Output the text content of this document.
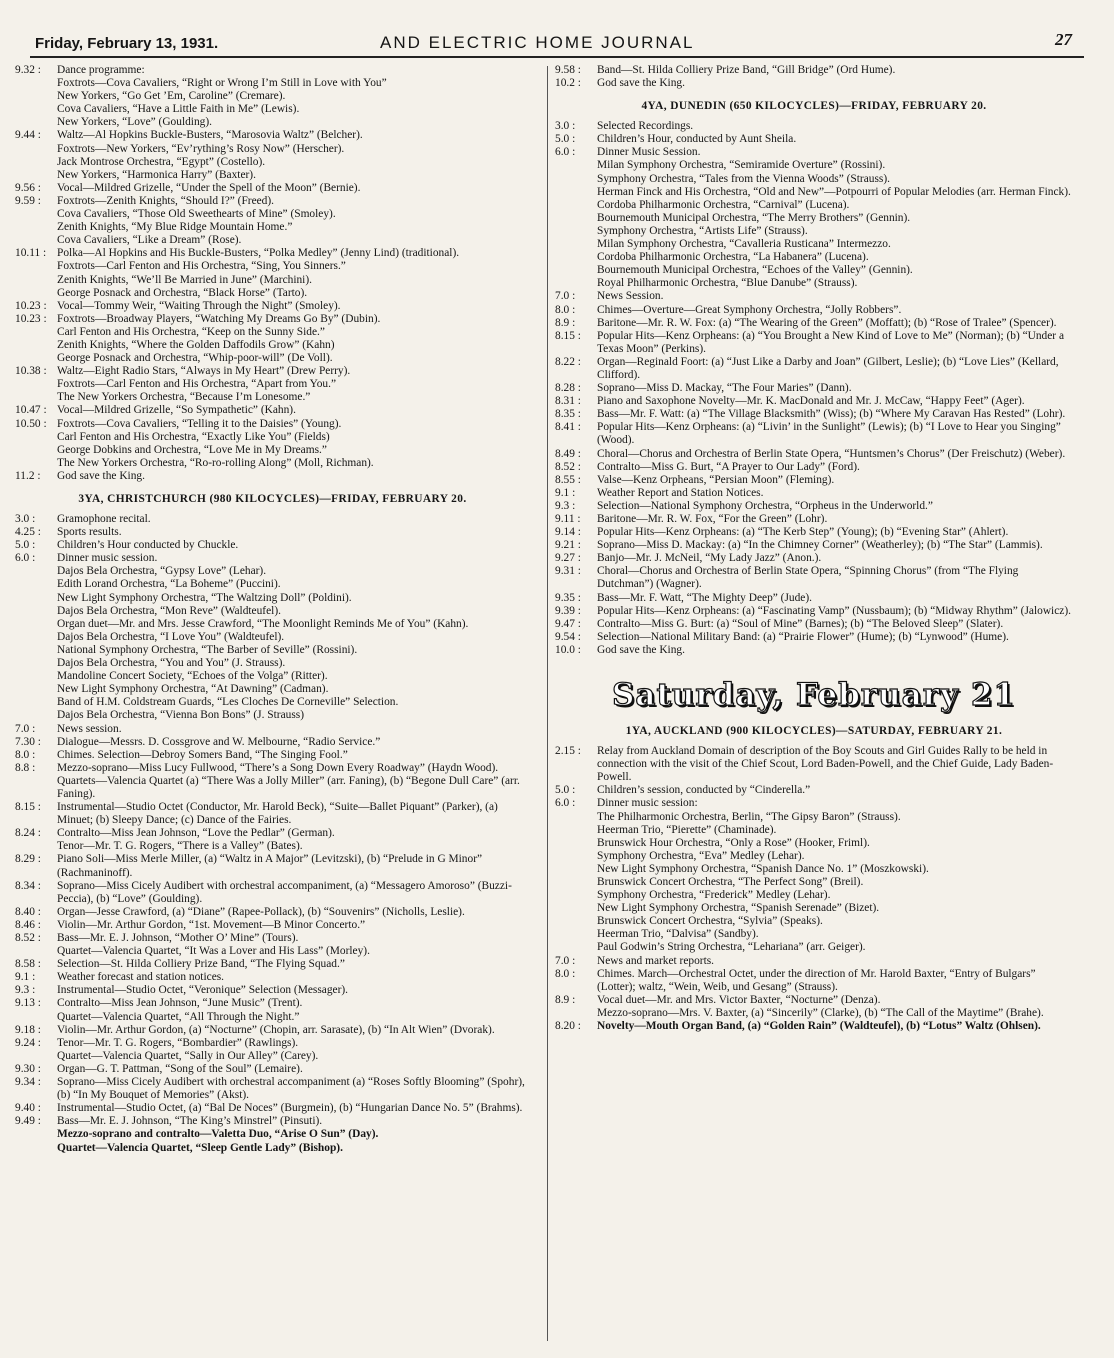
Friday, February 13, 1931.	AND ELECTRIC HOME JOURNAL	27
9.32 :	Dance programme:
Foxtrots—Cova Cavaliers, “Right or Wrong I’m Still in Love with You”
New Yorkers, “Go Get ’Em, Caroline” (Cremare).
Cova Cavaliers, “Have a Little Faith in Me” (Lewis).
New Yorkers, “Love” (Goulding).
9.44 :	Waltz—Al Hopkins Buckle-Busters, “Marosovia Waltz” (Belcher).
Foxtrots—New Yorkers, “Ev’rything’s Rosy Now” (Herscher).
Jack Montrose Orchestra, “Egypt” (Costello).
New Yorkers, “Harmonica Harry” (Baxter).
9.56 :	Vocal—Mildred Grizelle, “Under the Spell of the Moon” (Bernie).
9.59 :	Foxtrots—Zenith Knights, “Should I?” (Freed).
Cova Cavaliers, “Those Old Sweethearts of Mine” (Smoley).
Zenith Knights, “My Blue Ridge Mountain Home.”
Cova Cavaliers, “Like a Dream” (Rose).
10.11 : Polka—Al Hopkins and His Buckle-Busters, “Polka Medley” (Jenny Lind) (traditional).
Foxtrots—Carl Fenton and His Orchestra, “Sing, You Sinners.”
Zenith Knights, “We’ll Be Married in June” (Marchini).
George Posnack and Orchestra, “Black Horse” (Tarto).
10.23 : Vocal—Tommy Weir, “Waiting Through the Night” (Smoley).
10.23 : Foxtrots—Broadway Players, “Watching My Dreams Go By” (Dubin).
Carl Fenton and His Orchestra, “Keep on the Sunny Side.”
Zenith Knights, “Where the Golden Daffodils Grow” (Kahn)
George Posnack and Orchestra, “Whip-poor-will” (De Voll).
10.38 : Waltz—Eight Radio Stars, “Always in My Heart” (Drew Perry).
Foxtrots—Carl Fenton and His Orchestra, “Apart from You.”
The New Yorkers Orchestra, “Because I’m Lonesome.”
10.47 : Vocal—Mildred Grizelle, “So Sympathetic” (Kahn).
10.50 : Foxtrots—Cova Cavaliers, “Telling it to the Daisies” (Young).
Carl Fenton and His Orchestra, “Exactly Like You” (Fields)
George Dobkins and Orchestra, “Love Me in My Dreams.”
The New Yorkers Orchestra, “Ro-ro-rolling Along” (Moll, Richman).
11.2 :	God save the King.
3YA, CHRISTCHURCH (980 KILOCYCLES)—FRIDAY, FEBRUARY 20.
3.0 :	Gramophone recital.
4.25 :	Sports results.
5.0 :	Children’s Hour conducted by Chuckle.
6.0 :	Dinner music session.
Dajos Bela Orchestra, “Gypsy Love” (Lehar).
Edith Lorand Orchestra, “La Boheme” (Puccini).
New Light Symphony Orchestra, “The Waltzing Doll” (Poldini).
Dajos Bela Orchestra, “Mon Reve” (Waldteufel).
Organ duet—Mr. and Mrs. Jesse Crawford, “The Moonlight Reminds Me of You” (Kahn).
Dajos Bela Orchestra, “I Love You” (Waldteufel).
National Symphony Orchestra, “The Barber of Seville” (Rossini).
Dajos Bela Orchestra, “You and You” (J. Strauss).
Mandoline Concert Society, “Echoes of the Volga” (Ritter).
New Light Symphony Orchestra, “At Dawning” (Cadman).
Band of H.M. Coldstream Guards, “Les Cloches De Corneville” Selection.
Dajos Bela Orchestra, “Vienna Bon Bons” (J. Strauss)
7.0 :	News session.
7.30 :	Dialogue—Messrs. D. Cossgrove and W. Melbourne, “Radio Service.”
8.0 :	Chimes. Selection—Debroy Somers Band, “The Singing Fool.”
8.8 :	Mezzo-soprano—Miss Lucy Fullwood, “There’s a Song Down Every Roadway” (Haydn Wood).
Quartets—Valencia Quartet (a) “There Was a Jolly Miller” (arr. Faning), (b) “Begone Dull Care” (arr. Faning).
8.15 :	Instrumental—Studio Octet (Conductor, Mr. Harold Beck), “Suite—Ballet Piquant” (Parker), (a) Minuet; (b) Sleepy Dance; (c) Dance of the Fairies.
8.24 :	Contralto—Miss Jean Johnson, “Love the Pedlar” (German).
Tenor—Mr. T. G. Rogers, “There is a Valley” (Bates).
8.29 :	Piano Soli—Miss Merle Miller, (a) “Waltz in A Major” (Levitzski), (b) “Prelude in G Minor” (Rachmaninoff).
8.34 :	Soprano—Miss Cicely Audibert with orchestral accompaniment, (a) “Messagero Amoroso” (Buzzi-Peccia), (b) “Love” (Goulding).
8.40 :	Organ—Jesse Crawford, (a) “Diane” (Rapee-Pollack), (b) “Souvenirs” (Nicholls, Leslie).
8.46 :	Violin—Mr. Arthur Gordon, “1st. Movement—B Minor Concerto.”
8.52 :	Bass—Mr. E. J. Johnson, “Mother O’ Mine” (Tours).
Quartet—Valencia Quartet, “It Was a Lover and His Lass” (Morley).
8.58 :	Selection—St. Hilda Colliery Prize Band, “The Flying Squad.”
9.1 :	Weather forecast and station notices.
9.3 :	Instrumental—Studio Octet, “Veronique” Selection (Messager).
9.13 :	Contralto—Miss Jean Johnson, “June Music” (Trent).
Quartet—Valencia Quartet, “All Through the Night.”
9.18 :	Violin—Mr. Arthur Gordon, (a) “Nocturne” (Chopin, arr. Sarasate), (b) “In Alt Wien” (Dvorak).
9.24 :	Tenor—Mr. T. G. Rogers, “Bombardier” (Rawlings).
Quartet—Valencia Quartet, “Sally in Our Alley” (Carey).
9.30 :	Organ—G. T. Pattman, “Song of the Soul” (Lemaire).
9.34 :	Soprano—Miss Cicely Audibert with orchestral accompaniment (a) “Roses Softly Blooming” (Spohr), (b) “In My Bouquet of Memories” (Akst).
9.40 :	Instrumental—Studio Octet, (a) “Bal De Noces” (Burgmein), (b) “Hungarian Dance No. 5” (Brahms).
9.49 :	Bass—Mr. E. J. Johnson, “The King’s Minstrel” (Pinsuti).
Mezzo-soprano and contralto—Valetta Duo, “Arise O Sun” (Day).
Quartet—Valencia Quartet, “Sleep Gentle Lady” (Bishop).
9.58 :	Band—St. Hilda Colliery Prize Band, “Gill Bridge” (Ord Hume).
10.2 :	God save the King.
4YA, DUNEDIN (650 KILOCYCLES)—FRIDAY, FEBRUARY 20.
3.0 :	Selected Recordings.
5.0 :	Children’s Hour, conducted by Aunt Sheila.
6.0 :	Dinner Music Session.
Milan Symphony Orchestra, “Semiramide Overture” (Rossini).
Symphony Orchestra, “Tales from the Vienna Woods” (Strauss).
Herman Finck and His Orchestra, “Old and New”—Potpourri of Popular Melodies (arr. Herman Finck).
Cordoba Philharmonic Orchestra, “Carnival” (Lucena).
Bournemouth Municipal Orchestra, “The Merry Brothers” (Gennin).
Symphony Orchestra, “Artists Life” (Strauss).
Milan Symphony Orchestra, “Cavalleria Rusticana” Intermezzo.
Cordoba Philharmonic Orchestra, “La Habanera” (Lucena).
Bournemouth Municipal Orchestra, “Echoes of the Valley” (Gennin).
Royal Philharmonic Orchestra, “Blue Danube” (Strauss).
7.0 :	News Session.
8.0 :	Chimes—Overture—Great Symphony Orchestra, “Jolly Robbers”.
8.9 :	Baritone—Mr. R. W. Fox: (a) “The Wearing of the Green” (Moffatt); (b) “Rose of Tralee” (Spencer).
8.15 :	Popular Hits—Kenz Orpheans: (a) “You Brought a New Kind of Love to Me” (Norman); (b) “Under a Texas Moon” (Perkins).
8.22 :	Organ—Reginald Foort: (a) “Just Like a Darby and Joan” (Gilbert, Leslie); (b) “Love Lies” (Kellard, Clifford).
8.28 :	Soprano—Miss D. Mackay, “The Four Maries” (Dann).
8.31 :	Piano and Saxophone Novelty—Mr. K. MacDonald and Mr. J. McCaw, “Happy Feet” (Ager).
8.35 :	Bass—Mr. F. Watt: (a) “The Village Blacksmith” (Wiss); (b) “Where My Caravan Has Rested” (Lohr).
8.41 :	Popular Hits—Kenz Orpheans: (a) “Livin’ in the Sunlight” (Lewis); (b) “I Love to Hear you Singing” (Wood).
8.49 :	Choral—Chorus and Orchestra of Berlin State Opera, “Huntsmen’s Chorus” (Der Freischutz) (Weber).
8.52 :	Contralto—Miss G. Burt, “A Prayer to Our Lady” (Ford).
8.55 :	Valse—Kenz Orpheans, “Persian Moon” (Fleming).
9.1 :	Weather Report and Station Notices.
9.3 :	Selection—National Symphony Orchestra, “Orpheus in the Underworld.”
9.11 :	Baritone—Mr. R. W. Fox, “For the Green” (Lohr).
9.14 :	Popular Hits—Kenz Orpheans: (a) “The Kerb Step” (Young); (b) “Evening Star” (Ahlert).
9.21 :	Soprano—Miss D. Mackay: (a) “In the Chimney Corner” (Weatherley); (b) “The Star” (Lammis).
9.27 :	Banjo—Mr. J. McNeil, “My Lady Jazz” (Anon.).
9.31 :	Choral—Chorus and Orchestra of Berlin State Opera, “Spinning Chorus” (from “The Flying Dutchman”) (Wagner).
9.35 :	Bass—Mr. F. Watt, “The Mighty Deep” (Jude).
9.39 :	Popular Hits—Kenz Orpheans: (a) “Fascinating Vamp” (Nussbaum); (b) “Midway Rhythm” (Jalowicz).
9.47 :	Contralto—Miss G. Burt: (a) “Soul of Mine” (Barnes); (b) “The Beloved Sleep” (Slater).
9.54 :	Selection—National Military Band: (a) “Prairie Flower” (Hume); (b) “Lynwood” (Hume).
10.0 :	God save the King.
Saturday, February 21
1YA, AUCKLAND (900 KILOCYCLES)—SATURDAY, FEBRUARY 21.
2.15 :	Relay from Auckland Domain of description of the Boy Scouts and Girl Guides Rally to be held in connection with the visit of the Chief Scout, Lord Baden-Powell, and the Chief Guide, Lady Baden-Powell.
5.0 :	Children’s session, conducted by “Cinderella.”
6.0 :	Dinner music session:
The Philharmonic Orchestra, Berlin, “The Gipsy Baron” (Strauss).
Heerman Trio, “Pierette” (Chaminade).
Brunswick Hour Orchestra, “Only a Rose” (Hooker, Friml).
Symphony Orchestra, “Eva” Medley (Lehar).
New Light Symphony Orchestra, “Spanish Dance No. 1” (Moszkowski).
Brunswick Concert Orchestra, “The Perfect Song” (Breil).
Symphony Orchestra, “Frederick” Medley (Lehar).
New Light Symphony Orchestra, “Spanish Serenade” (Bizet).
Brunswick Concert Orchestra, “Sylvia” (Speaks).
Heerman Trio, “Dalvisa” (Sandby).
Paul Godwin’s String Orchestra, “Lehariana” (arr. Geiger).
7.0 :	News and market reports.
8.0 :	Chimes. March—Orchestral Octet, under the direction of Mr. Harold Baxter, “Entry of Bulgars” (Lotter); waltz, “Wein, Weib, und Gesang” (Strauss).
8.9 :	Vocal duet—Mr. and Mrs. Victor Baxter, “Nocturne” (Denza).
Mezzo-soprano—Mrs. V. Baxter, (a) “Sincerily” (Clarke), (b) “The Call of the Maytime” (Brahe).
8.20 :	Novelty—Mouth Organ Band, (a) “Golden Rain” (Waldteufel), (b) “Lotus” Waltz (Ohlsen).
